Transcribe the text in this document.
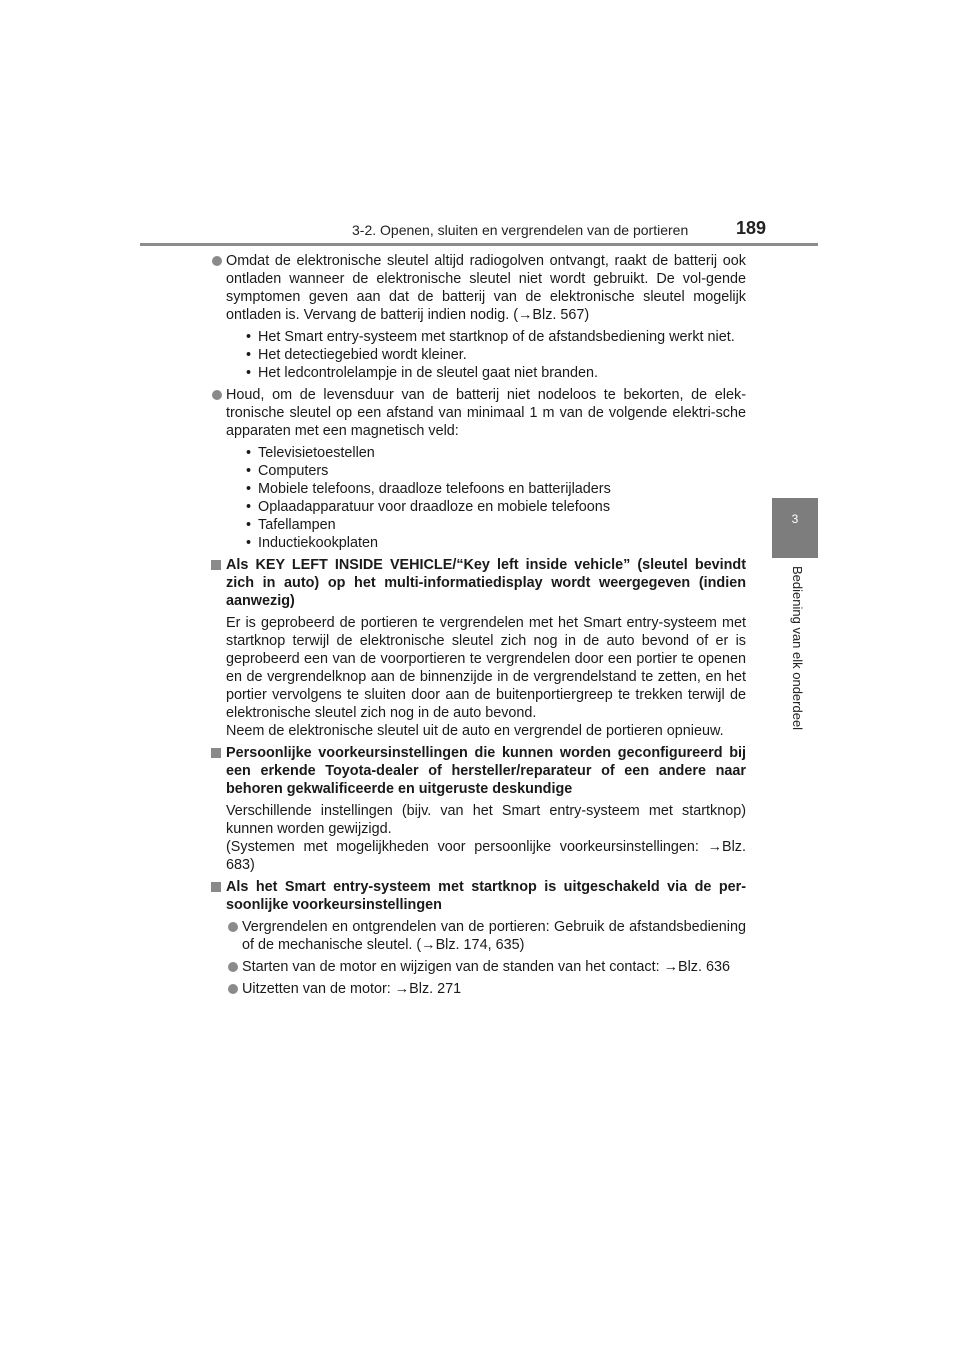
3-2. Openen, sluiten en vergrendelen van de portieren	189
3
Bediening van elk onderdeel
Omdat de elektronische sleutel altijd radiogolven ontvangt, raakt de batterij ook ontladen wanneer de elektronische sleutel niet wordt gebruikt. De vol-gende symptomen geven aan dat de batterij van de elektronische sleutel mogelijk ontladen is. Vervang de batterij indien nodig. (→Blz. 567)
• Het Smart entry-systeem met startknop of de afstandsbediening werkt niet.
• Het detectiegebied wordt kleiner.
• Het ledcontrolelampje in de sleutel gaat niet branden.
Houd, om de levensduur van de batterij niet nodeloos te bekorten, de elek-tronische sleutel op een afstand van minimaal 1 m van de volgende elektri-sche apparaten met een magnetisch veld:
• Televisietoestellen
• Computers
• Mobiele telefoons, draadloze telefoons en batterijladers
• Oplaadapparatuur voor draadloze en mobiele telefoons
• Tafellampen
• Inductiekookplaten
Als KEY LEFT INSIDE VEHICLE/“Key left inside vehicle” (sleutel bevindt zich in auto) op het multi-informatiedisplay wordt weergegeven (indien aanwezig)

Er is geprobeerd de portieren te vergrendelen met het Smart entry-systeem met startknop terwijl de elektronische sleutel zich nog in de auto bevond of er is geprobeerd een van de voorportieren te vergrendelen door een portier te openen en de vergrendelknop aan de binnenzijde in de vergrendelstand te zetten, en het portier vervolgens te sluiten door aan de buitenportiergreep te trekken terwijl de elektronische sleutel zich nog in de auto bevond.

Neem de elektronische sleutel uit de auto en vergrendel de portieren opnieuw.

Persoonlijke voorkeursinstellingen die kunnen worden geconfigureerd bij een erkende Toyota-dealer of hersteller/reparateur of een andere naar behoren gekwalificeerde en uitgeruste deskundige

Verschillende instellingen (bijv. van het Smart entry-systeem met startknop) kunnen worden gewijzigd.

(Systemen met mogelijkheden voor persoonlijke voorkeursinstellingen: →Blz. 683)

Als het Smart entry-systeem met startknop is uitgeschakeld via de per-soonlijke voorkeursinstellingen
Vergrendelen en ontgrendelen van de portieren: Gebruik de afstandsbediening of de mechanische sleutel. (→Blz. 174, 635)
Starten van de motor en wijzigen van de standen van het contact: →Blz. 636
Uitzetten van de motor: →Blz. 271
